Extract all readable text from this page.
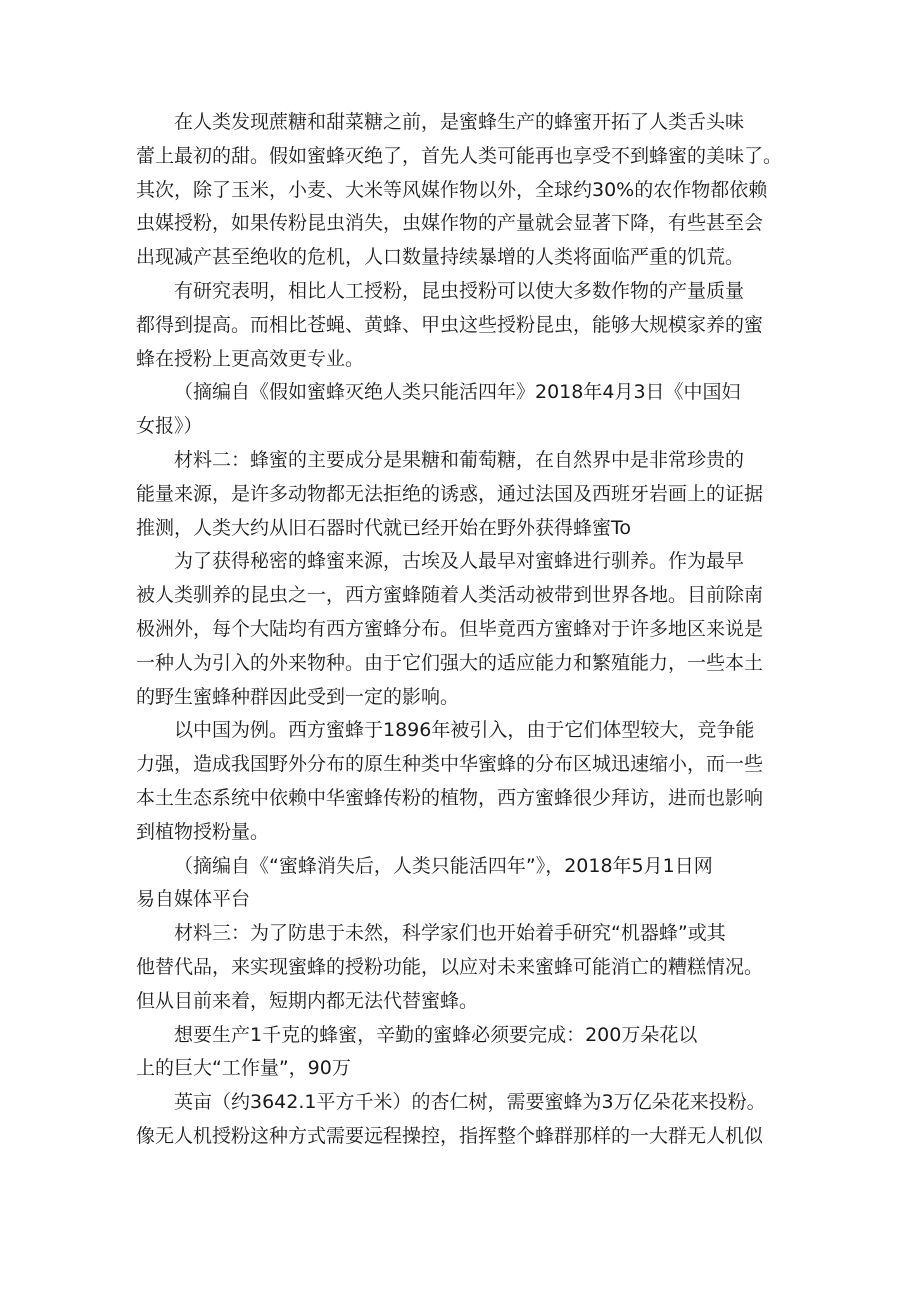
在人类发现蔗糖和甜菜糖之前，是蜜蜂生产的蜂蜜开拓了人类舌头味
蕾上最初的甜。假如蜜蜂灭绝了，首先人类可能再也享受不到蜂蜜的美味了。
其次，除了玉米，小麦、大米等风媒作物以外，全球约30%的农作物都依赖
虫媒授粉，如果传粉昆虫消失，虫媒作物的产量就会显著下降，有些甚至会
出现减产甚至绝收的危机，人口数量持续暴增的人类将面临严重的饥荒。
有研究表明，相比人工授粉，昆虫授粉可以使大多数作物的产量质量
都得到提高。而相比苍蝇、黄蜂、甲虫这些授粉昆虫，能够大规模家养的蜜
蜂在授粉上更高效更专业。
（摘编自《假如蜜蜂灭绝人类只能活四年》2018年4月3日《中国妇
女报》）
材料二：蜂蜜的主要成分是果糖和葡萄糖，在自然界中是非常珍贵的
能量来源，是许多动物都无法拒绝的诱惑，通过法国及西班牙岩画上的证据
推测，人类大约从旧石器时代就已经开始在野外获得蜂蜜To
为了获得秘密的蜂蜜来源，古埃及人最早对蜜蜂进行驯养。作为最早
被人类驯养的昆虫之一，西方蜜蜂随着人类活动被带到世界各地。目前除南
极洲外，每个大陆均有西方蜜蜂分布。但毕竟西方蜜蜂对于许多地区来说是
一种人为引入的外来物种。由于它们强大的适应能力和繁殖能力，一些本土
的野生蜜蜂种群因此受到一定的影响。
以中国为例。西方蜜蜂于1896年被引入，由于它们体型较大，竞争能
力强，造成我国野外分布的原生种类中华蜜蜂的分布区城迅速缩小，而一些
本土生态系统中依赖中华蜜蜂传粉的植物，西方蜜蜂很少拜访，进而也影响
到植物授粉量。
（摘编自《“蜜蜂消失后，人类只能活四年”》，2018年5月1日网
易自媒体平台
材料三：为了防患于未然，科学家们也开始着手研究“机器蜂”或其
他替代品，来实现蜜蜂的授粉功能，以应对未来蜜蜂可能消亡的糟糕情况。
但从目前来着，短期内都无法代替蜜蜂。
想要生产1千克的蜂蜜，辛勤的蜜蜂必须要完成：200万朵花以
上的巨大“工作量”，90万
英亩（约3642.1平方千米）的杏仁树，需要蜜蜂为3万亿朵花来投粉。
像无人机授粉这种方式需要远程操控，指挥整个蜂群那样的一大群无人机似
